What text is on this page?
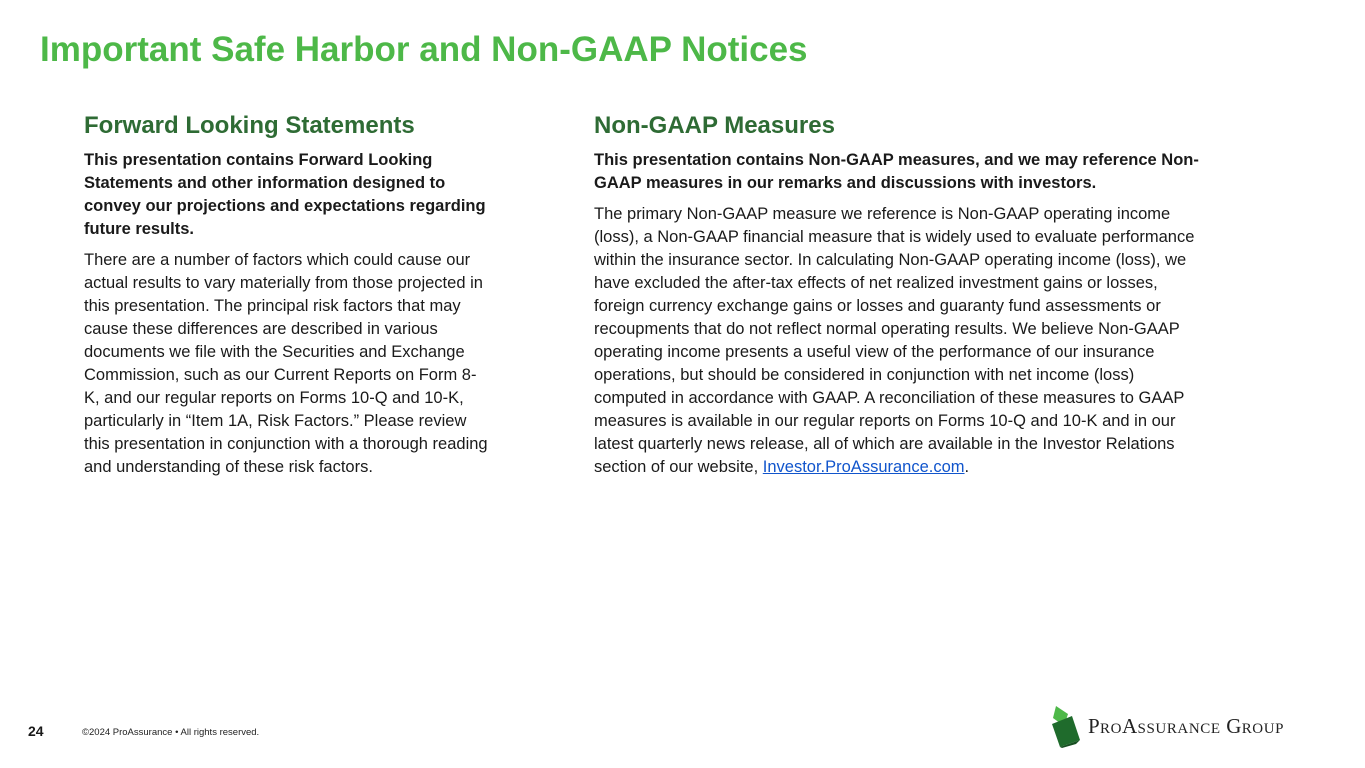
Important Safe Harbor and Non-GAAP Notices
Forward Looking Statements

This presentation contains Forward Looking Statements and other information designed to convey our projections and expectations regarding future results.

There are a number of factors which could cause our actual results to vary materially from those projected in this presentation. The principal risk factors that may cause these differences are described in various documents we file with the Securities and Exchange Commission, such as our Current Reports on Form 8-K, and our regular reports on Forms 10-Q and 10-K, particularly in “Item 1A, Risk Factors.” Please review this presentation in conjunction with a thorough reading and understanding of these risk factors.

Non-GAAP Measures

This presentation contains Non-GAAP measures, and we may reference Non-GAAP measures in our remarks and discussions with investors.

The primary Non-GAAP measure we reference is Non-GAAP operating income (loss), a Non-GAAP financial measure that is widely used to evaluate performance within the insurance sector. In calculating Non-GAAP operating income (loss), we have excluded the after-tax effects of net realized investment gains or losses, foreign currency exchange gains or losses and guaranty fund assessments or recoupments that do not reflect normal operating results. We believe Non-GAAP operating income presents a useful view of the performance of our insurance operations, but should be considered in conjunction with net income (loss) computed in accordance with GAAP. A reconciliation of these measures to GAAP measures is available in our regular reports on Forms 10-Q and 10-K and in our latest quarterly news release, all of which are available in the Investor Relations section of our website, Investor.ProAssurance.com.

24	©2024 ProAssurance • All rights reserved.	PROASSURANCE GROUP
